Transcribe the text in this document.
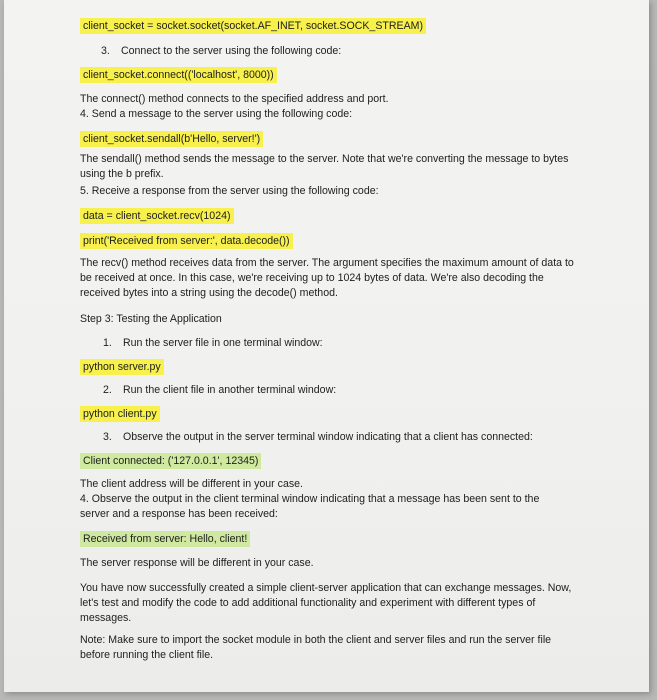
client_socket = socket.socket(socket.AF_INET, socket.SOCK_STREAM)
3. Connect to the server using the following code:
client_socket.connect(('localhost', 8000))
The connect() method connects to the specified address and port.
4. Send a message to the server using the following code:
client_socket.sendall(b'Hello, server!')
The sendall() method sends the message to the server. Note that we're converting the message to bytes using the b prefix.
5. Receive a response from the server using the following code:
data = client_socket.recv(1024)
print('Received from server:', data.decode())
The recv() method receives data from the server. The argument specifies the maximum amount of data to be received at once. In this case, we're receiving up to 1024 bytes of data. We're also decoding the received bytes into a string using the decode() method.
Step 3: Testing the Application
1. Run the server file in one terminal window:
python server.py
2. Run the client file in another terminal window:
python client.py
3. Observe the output in the server terminal window indicating that a client has connected:
Client connected: ('127.0.0.1', 12345)
The client address will be different in your case.
4. Observe the output in the client terminal window indicating that a message has been sent to the server and a response has been received:
Received from server: Hello, client!
The server response will be different in your case.
You have now successfully created a simple client-server application that can exchange messages. Now, let's test and modify the code to add additional functionality and experiment with different types of messages.
Note: Make sure to import the socket module in both the client and server files and run the server file before running the client file.
